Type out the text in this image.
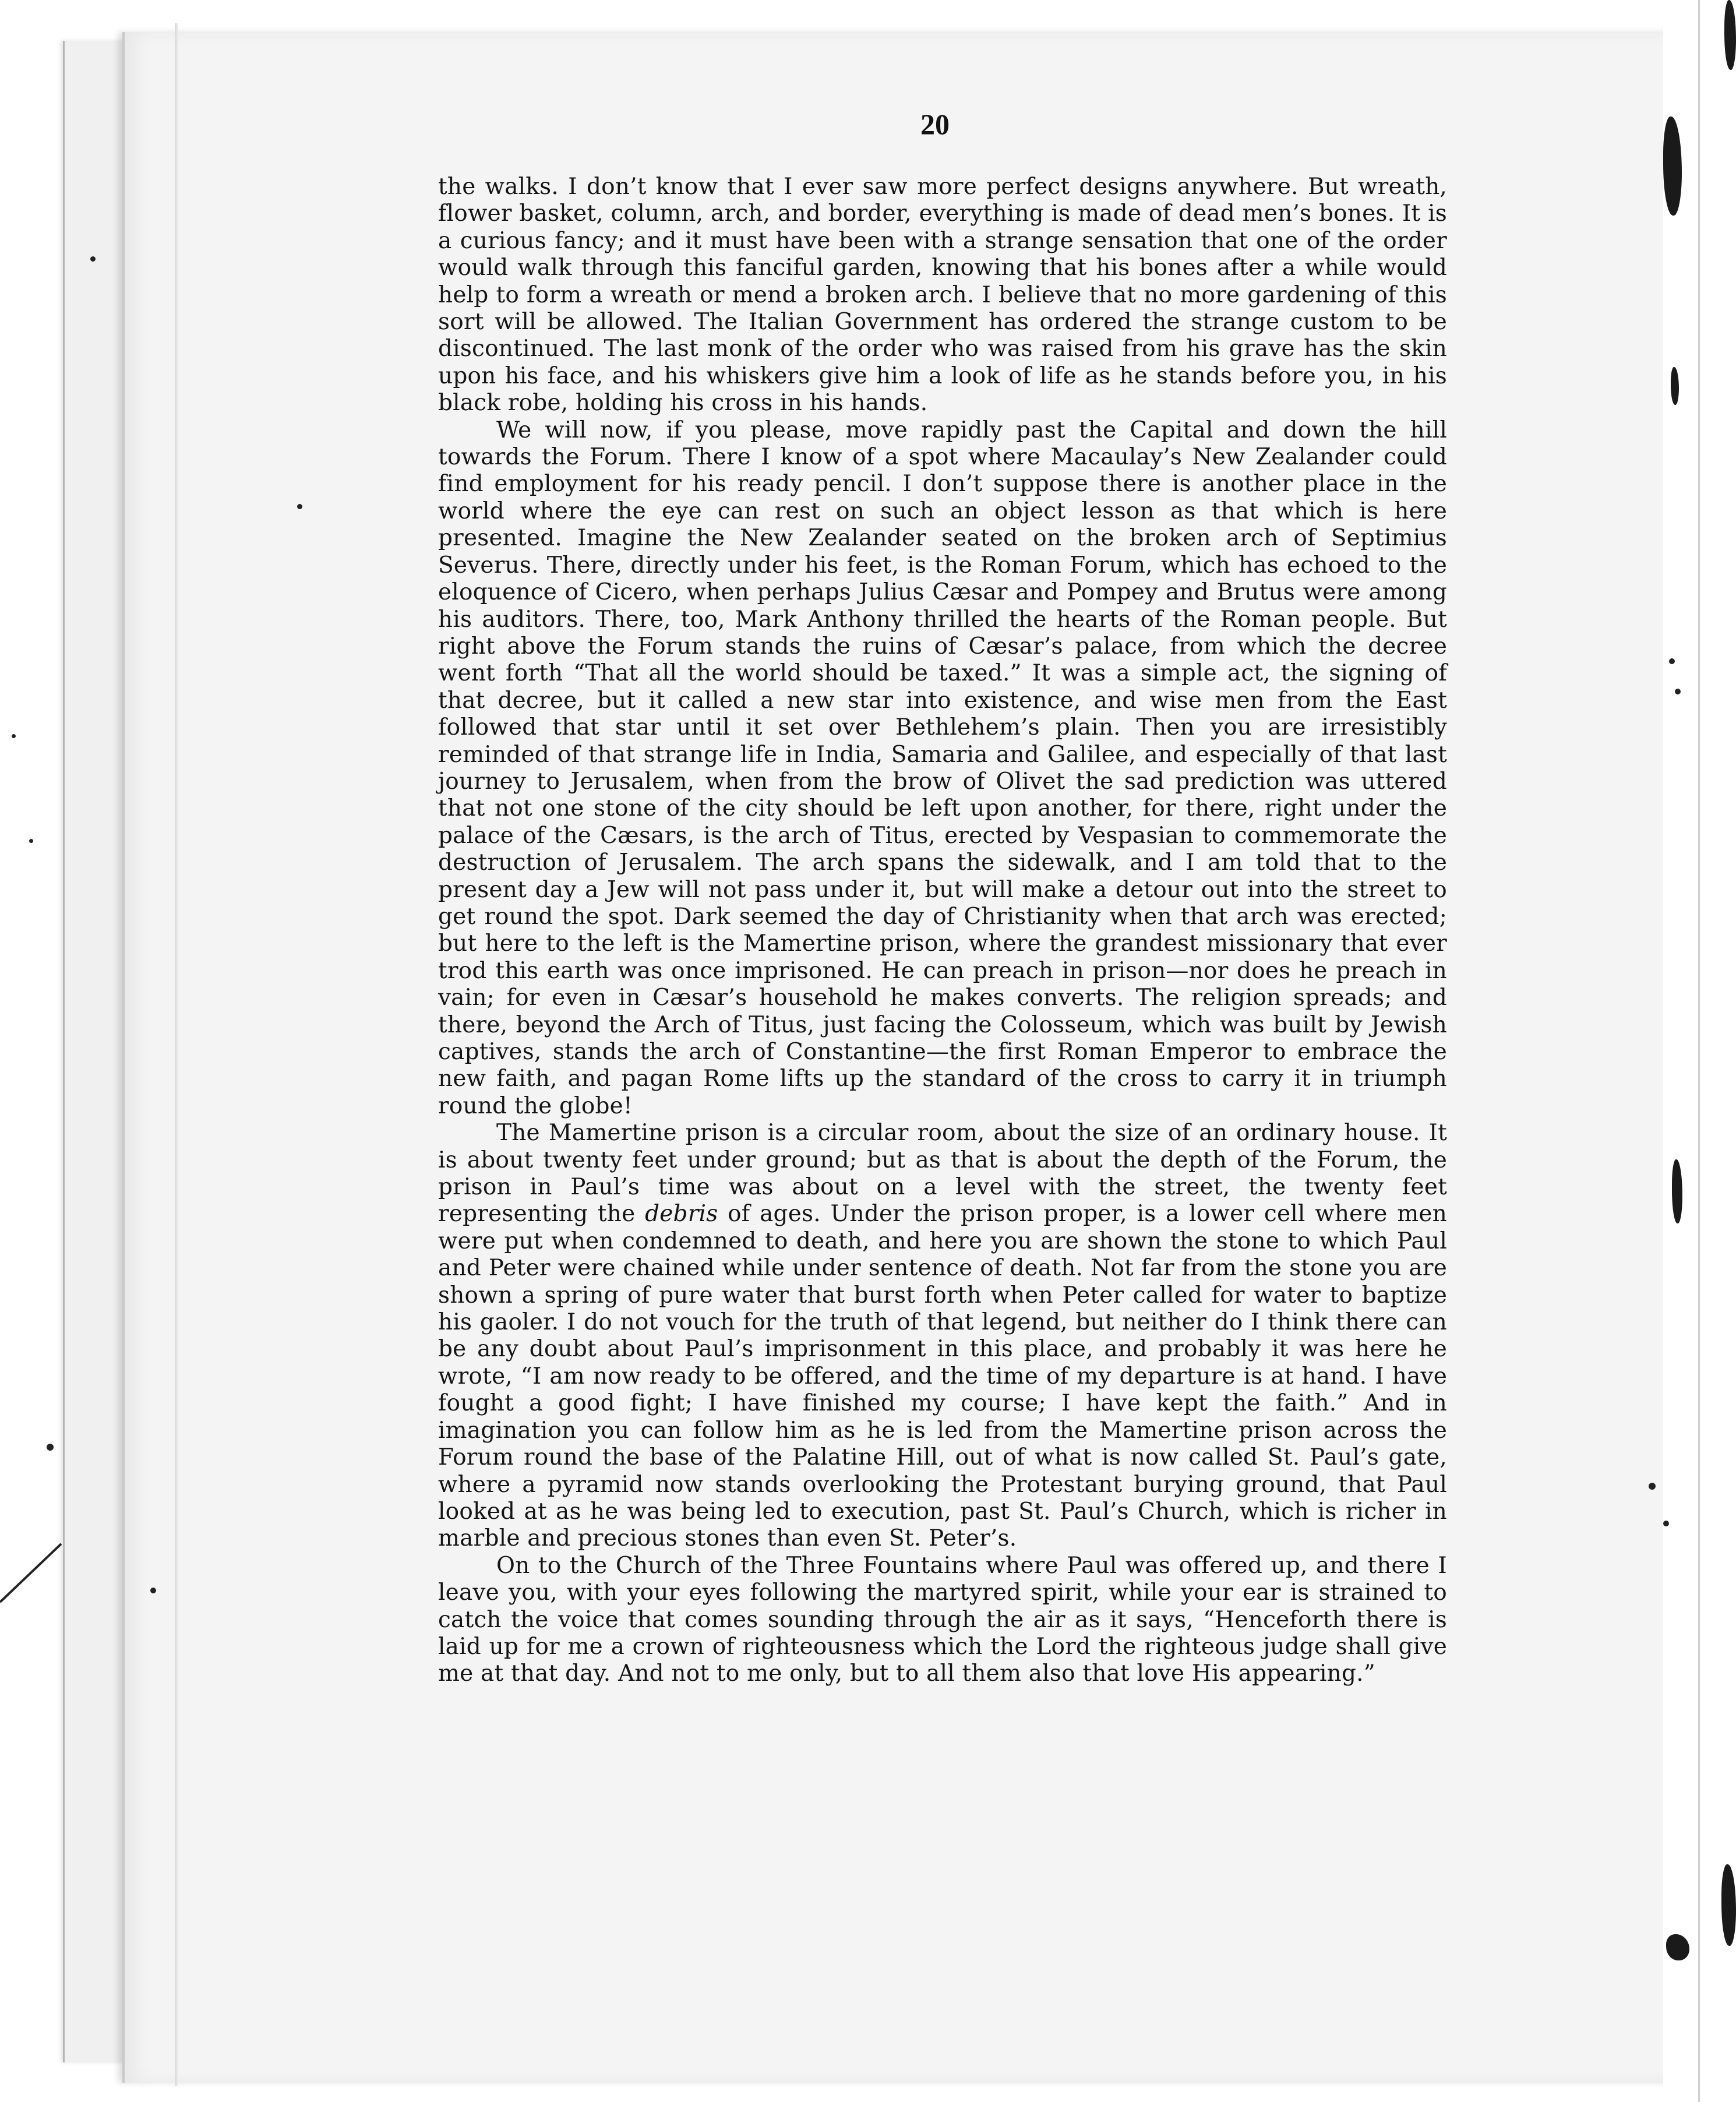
20

the walks. I don’t know that I ever saw more perfect designs anywhere. But wreath, flower basket, column, arch, and border, everything is made of dead men’s bones. It is a curious fancy; and it must have been with a strange sensation that one of the order would walk through this fanciful garden, knowing that his bones after a while would help to form a wreath or mend a broken arch. I believe that no more gardening of this sort will be allowed. The Italian Government has ordered the strange custom to be discontinued. The last monk of the order who was raised from his grave has the skin upon his face, and his whiskers give him a look of life as he stands before you, in his black robe, holding his cross in his hands.

We will now, if you please, move rapidly past the Capital and down the hill towards the Forum. There I know of a spot where Macaulay’s New Zealander could find employment for his ready pencil. I don’t suppose there is another place in the world where the eye can rest on such an object lesson as that which is here presented. Imagine the New Zealander seated on the broken arch of Septimius Severus. There, directly under his feet, is the Roman Forum, which has echoed to the eloquence of Cicero, when perhaps Julius Cæsar and Pompey and Brutus were among his auditors. There, too, Mark Anthony thrilled the hearts of the Roman people. But right above the Forum stands the ruins of Cæsar’s palace, from which the decree went forth “That all the world should be taxed.” It was a simple act, the signing of that decree, but it called a new star into existence, and wise men from the East followed that star until it set over Bethlehem’s plain. Then you are irresistibly reminded of that strange life in India, Samaria and Galilee, and especially of that last journey to Jerusalem, when from the brow of Olivet the sad prediction was uttered that not one stone of the city should be left upon another, for there, right under the palace of the Cæsars, is the arch of Titus, erected by Vespasian to commemorate the destruction of Jerusalem. The arch spans the sidewalk, and I am told that to the present day a Jew will not pass under it, but will make a detour out into the street to get round the spot. Dark seemed the day of Christianity when that arch was erected; but here to the left is the Mamertine prison, where the grandest missionary that ever trod this earth was once imprisoned. He can preach in prison—nor does he preach in vain; for even in Cæsar’s household he makes converts. The religion spreads; and there, beyond the Arch of Titus, just facing the Colosseum, which was built by Jewish captives, stands the arch of Constantine—the first Roman Emperor to embrace the new faith, and pagan Rome lifts up the standard of the cross to carry it in triumph round the globe!

The Mamertine prison is a circular room, about the size of an ordinary house. It is about twenty feet under ground; but as that is about the depth of the Forum, the prison in Paul’s time was about on a level with the street, the twenty feet representing the debris of ages. Under the prison proper, is a lower cell where men were put when condemned to death, and here you are shown the stone to which Paul and Peter were chained while under sentence of death. Not far from the stone you are shown a spring of pure water that burst forth when Peter called for water to baptize his gaoler. I do not vouch for the truth of that legend, but neither do I think there can be any doubt about Paul’s imprisonment in this place, and probably it was here he wrote, “I am now ready to be offered, and the time of my departure is at hand. I have fought a good fight; I have finished my course; I have kept the faith.” And in imagination you can follow him as he is led from the Mamertine prison across the Forum round the base of the Palatine Hill, out of what is now called St. Paul’s gate, where a pyramid now stands overlooking the Protestant burying ground, that Paul looked at as he was being led to execution, past St. Paul’s Church, which is richer in marble and precious stones than even St. Peter’s.

On to the Church of the Three Fountains where Paul was offered up, and there I leave you, with your eyes following the martyred spirit, while your ear is strained to catch the voice that comes sounding through the air as it says, “Henceforth there is laid up for me a crown of righteousness which the Lord the righteous judge shall give me at that day. And not to me only, but to all them also that love His appearing.”
